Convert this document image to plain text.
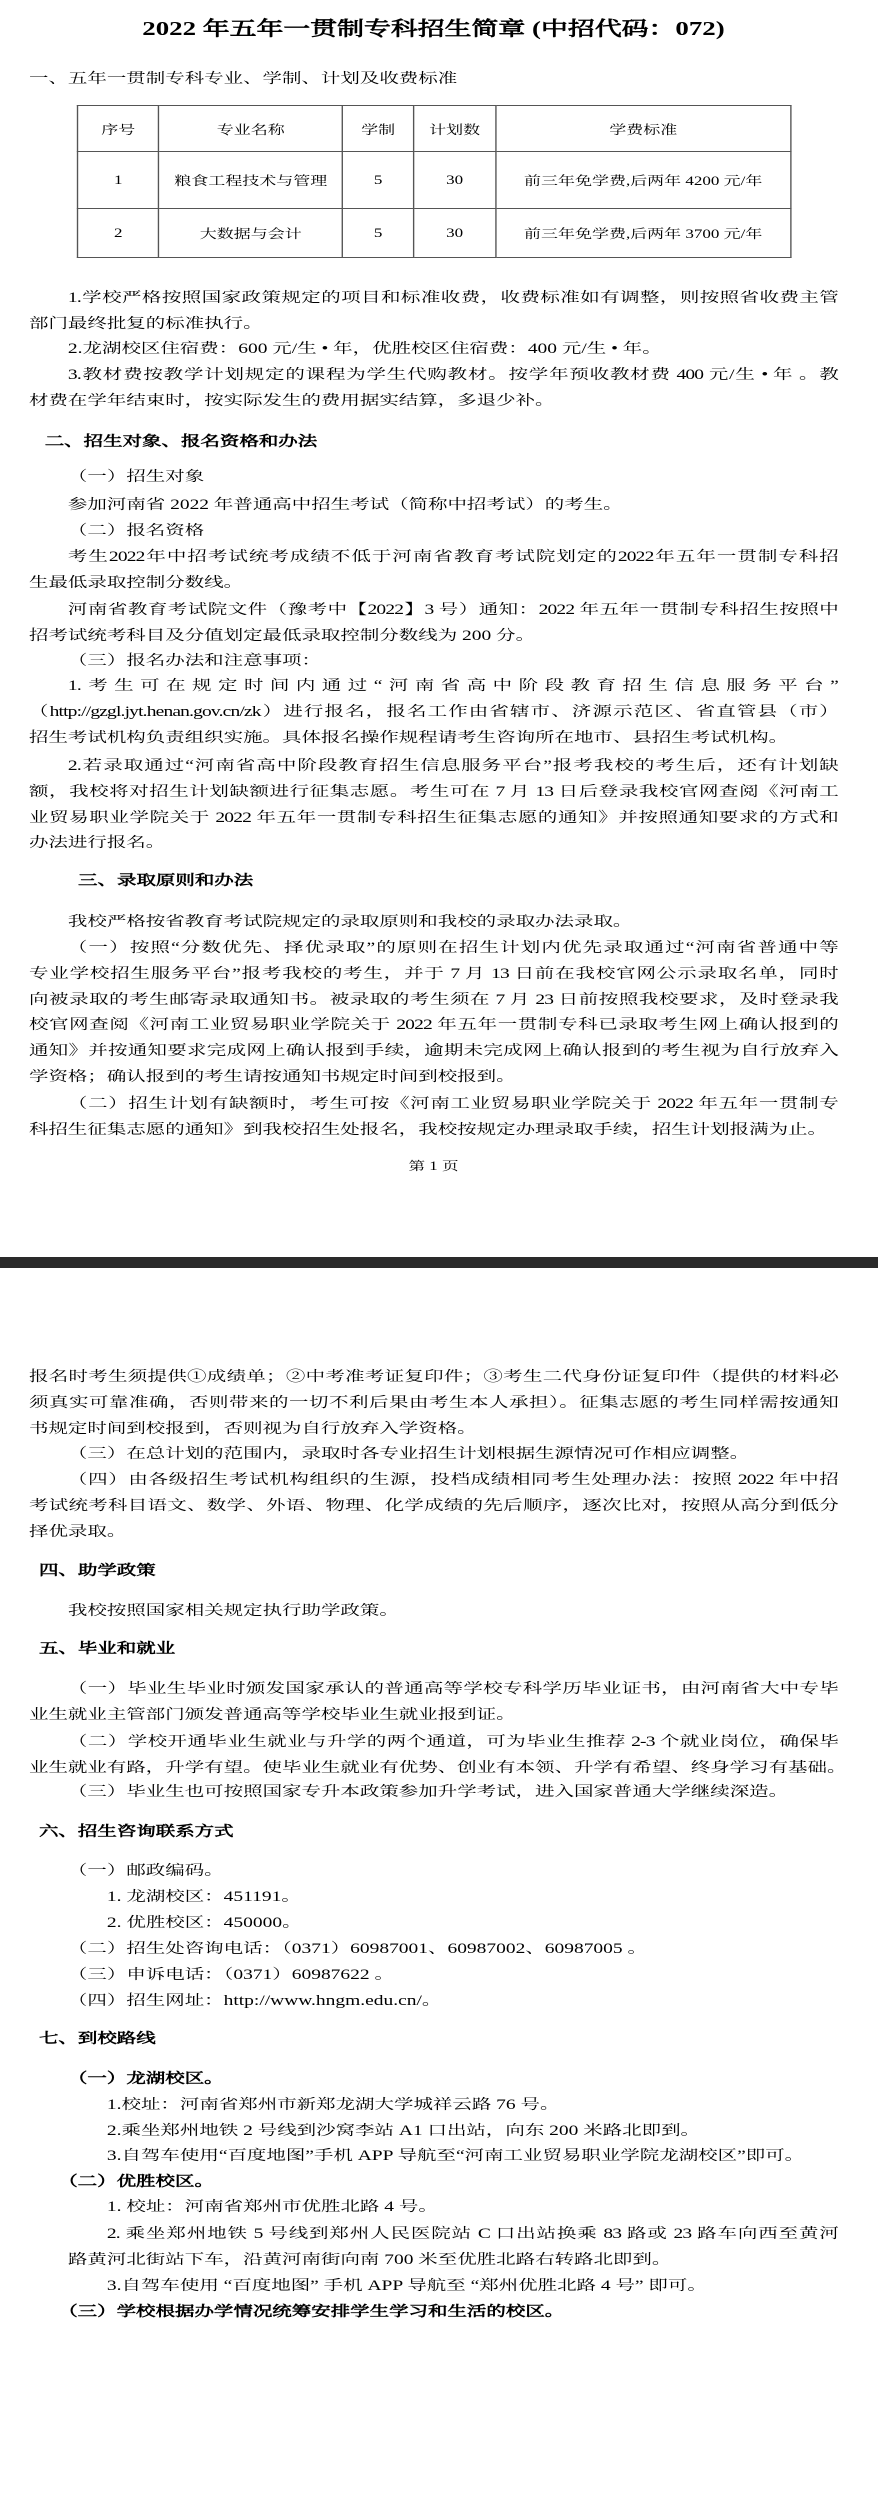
2022 年五年一贯制专科招生简章 (中招代码：072)
一、五年一贯制专科专业、学制、计划及收费标准
序号	专业名称	学制	计划数	学费标准
1	粮食工程技术与管理	5	30	前三年免学费,后两年 4200 元/年
2	大数据与会计	5	30	前三年免学费,后两年 3700 元/年
1.学校严格按照国家政策规定的项目和标准收费，收费标准如有调整，则按照省收费主管
部门最终批复的标准执行。
2.龙湖校区住宿费：600 元/生 • 年，优胜校区住宿费：400 元/生 • 年。
3.教材费按教学计划规定的课程为学生代购教材。按学年预收教材费 400 元/生 • 年 。教
材费在学年结束时，按实际发生的费用据实结算，多退少补。
二、招生对象、报名资格和办法
（一）招生对象
参加河南省 2022 年普通高中招生考试（简称中招考试）的考生。
（二）报名资格
考生2022年中招考试统考成绩不低于河南省教育考试院划定的2022年五年一贯制专科招
生最低录取控制分数线。
河南省教育考试院文件（豫考中【2022】3 号）通知：2022 年五年一贯制专科招生按照中
招考试统考科目及分值划定最低录取控制分数线为 200 分。
（三）报名办法和注意事项：
1.考生可在规定时间内通过“河南省高中阶段教育招生信息服务平台”
（http://gzgl.jyt.henan.gov.cn/zk）进行报名，报名工作由省辖市、济源示范区、省直管县（市）
招生考试机构负责组织实施。具体报名操作规程请考生咨询所在地市、县招生考试机构。
2.若录取通过“河南省高中阶段教育招生信息服务平台”报考我校的考生后，还有计划缺
额，我校将对招生计划缺额进行征集志愿。考生可在 7 月 13 日后登录我校官网查阅《河南工
业贸易职业学院关于 2022 年五年一贯制专科招生征集志愿的通知》并按照通知要求的方式和
办法进行报名。
三、录取原则和办法
我校严格按省教育考试院规定的录取原则和我校的录取办法录取。
（一）按照“分数优先、择优录取”的原则在招生计划内优先录取通过“河南省普通中等
专业学校招生服务平台”报考我校的考生，并于 7 月 13 日前在我校官网公示录取名单，同时
向被录取的考生邮寄录取通知书。被录取的考生须在 7 月 23 日前按照我校要求，及时登录我
校官网查阅《河南工业贸易职业学院关于 2022 年五年一贯制专科已录取考生网上确认报到的
通知》并按通知要求完成网上确认报到手续，逾期未完成网上确认报到的考生视为自行放弃入
学资格；确认报到的考生请按通知书规定时间到校报到。
（二）招生计划有缺额时，考生可按《河南工业贸易职业学院关于 2022 年五年一贯制专
科招生征集志愿的通知》到我校招生处报名，我校按规定办理录取手续，招生计划报满为止。
第 1 页
报名时考生须提供①成绩单；②中考准考证复印件；③考生二代身份证复印件（提供的材料必
须真实可靠准确，否则带来的一切不利后果由考生本人承担）。征集志愿的考生同样需按通知
书规定时间到校报到，否则视为自行放弃入学资格。
（三）在总计划的范围内，录取时各专业招生计划根据生源情况可作相应调整。
（四）由各级招生考试机构组织的生源，投档成绩相同考生处理办法：按照 2022 年中招
考试统考科目语文、数学、外语、物理、化学成绩的先后顺序，逐次比对，按照从高分到低分
择优录取。
四、助学政策
我校按照国家相关规定执行助学政策。
五、毕业和就业
（一）毕业生毕业时颁发国家承认的普通高等学校专科学历毕业证书，由河南省大中专毕
业生就业主管部门颁发普通高等学校毕业生就业报到证。
（二）学校开通毕业生就业与升学的两个通道，可为毕业生推荐 2-3 个就业岗位，确保毕
业生就业有路，升学有望。使毕业生就业有优势、创业有本领、升学有希望、终身学习有基础。
（三）毕业生也可按照国家专升本政策参加升学考试，进入国家普通大学继续深造。
六、招生咨询联系方式
（一）邮政编码。
1. 龙湖校区：451191。
2. 优胜校区：450000。
（二）招生处咨询电话：（0371）60987001、60987002、60987005 。
（三）申诉电话：（0371）60987622 。
（四）招生网址：http://www.hngm.edu.cn/。
七、到校路线
（一）龙湖校区。
1.校址：河南省郑州市新郑龙湖大学城祥云路 76 号。
2.乘坐郑州地铁 2 号线到沙窝李站 A1 口出站，向东 200 米路北即到。
3.自驾车使用“百度地图”手机 APP 导航至“河南工业贸易职业学院龙湖校区”即可。
（二）优胜校区。
1. 校址：河南省郑州市优胜北路 4 号。
2. 乘坐郑州地铁 5 号线到郑州人民医院站 C 口出站换乘 83 路或 23 路车向西至黄河
路黄河北街站下车，沿黄河南街向南 700 米至优胜北路右转路北即到。
3.自驾车使用 “百度地图” 手机 APP 导航至 “郑州优胜北路 4 号” 即可。
（三）学校根据办学情况统筹安排学生学习和生活的校区。
